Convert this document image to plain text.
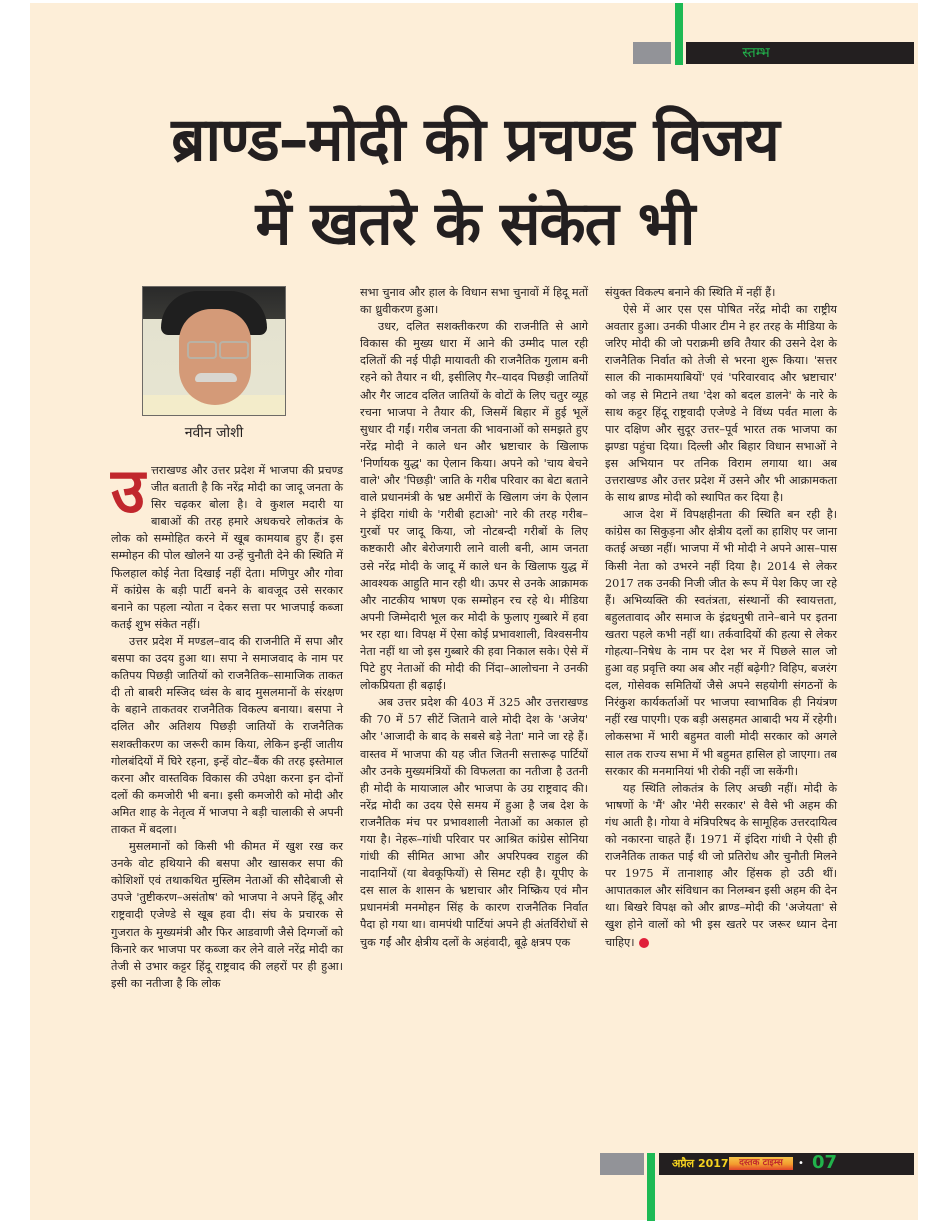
स्तम्भ
ब्राण्ड–मोदी की प्रचण्ड विजय
में खतरे के संकेत भी
नवीन जोशी

उत्तराखण्ड और उत्तर प्रदेश में भाजपा की प्रचण्ड जीत बताती है कि नरेंद्र मोदी का जादू जनता के सिर चढ़कर बोला है। वे कुशल मदारी या बाबाओं की तरह हमारे अधकचरे लोकतंत्र के लोक को सम्मोहित करने में खूब कामयाब हुए हैं। इस सम्मोहन की पोल खोलने या उन्हें चुनौती देने की स्थिति में फिलहाल कोई नेता दिखाई नहीं देता। मणिपुर और गोवा में कांग्रेस के बड़ी पार्टी बनने के बावजूद उसे सरकार बनाने का पहला न्योता न देकर सत्ता पर भाजपाई कब्जा कतई शुभ संकेत नहीं।

उत्तर प्रदेश में मण्डल–वाद की राजनीति में सपा और बसपा का उदय हुआ था। सपा ने समाजवाद के नाम पर कतिपय पिछड़ी जातियों को राजनैतिक–सामाजिक ताकत दी तो बाबरी मस्जिद ध्वंस के बाद मुसलमानों के संरक्षण के बहाने ताकतवर राजनैतिक विकल्प बनाया। बसपा ने दलित और अतिशय पिछड़ी जातियों के राजनैतिक सशक्तीकरण का जरूरी काम किया, लेकिन इन्हीं जातीय गोलबंदियों में घिरे रहना, इन्हें वोट–बैंक की तरह इस्तेमाल करना और वास्तविक विकास की उपेक्षा करना इन दोनों दलों की कमजोरी भी बना। इसी कमजोरी को मोदी और अमित शाह के नेतृत्व में भाजपा ने बड़ी चालाकी से अपनी ताकत में बदला।

मुसलमानों को किसी भी कीमत में खुश रख कर उनके वोट हथियाने की बसपा और खासकर सपा की कोशिशों एवं तथाकथित मुस्लिम नेताओं की सौदेबाजी से उपजे 'तुष्टीकरण–असंतोष' को भाजपा ने अपने हिंदू और राष्ट्रवादी एजेण्डे से खूब हवा दी। संघ के प्रचारक से गुजरात के मुख्यमंत्री और फिर आडवाणी जैसे दिग्गजों को किनारे कर भाजपा पर कब्जा कर लेने वाले नरेंद्र मोदी का तेजी से उभार कट्टर हिंदू राष्ट्रवाद की लहरों पर ही हुआ। इसी का नतीजा है कि लोक

सभा चुनाव और हाल के विधान सभा चुनावों में हिदू मतों का ध्रुवीकरण हुआ।

उधर, दलित सशक्तीकरण की राजनीति से आगे विकास की मुख्य धारा में आने की उम्मीद पाल रही दलितों की नई पीढ़ी मायावती की राजनैतिक गुलाम बनी रहने को तैयार न थी, इसीलिए गैर–यादव पिछड़ी जातियों और गैर जाटव दलित जातियों के वोटों के लिए चतुर व्यूह रचना भाजपा ने तैयार की, जिसमें बिहार में हुई भूलें सुधार दी गईं। गरीब जनता की भावनाओं को समझते हुए नरेंद्र मोदी ने काले धन और भ्रष्टाचार के खिलाफ 'निर्णायक युद्ध' का ऐलान किया। अपने को 'चाय बेचने वाले' और 'पिछड़ी' जाति के गरीब परिवार का बेटा बताने वाले प्रधानमंत्री के भ्रष्ट अमीरों के खिलाग जंग के ऐलान ने इंदिरा गांधी के 'गरीबी हटाओ' नारे की तरह गरीब–गुरबों पर जादू किया, जो नोटबन्दी गरीबों के लिए कष्टकारी और बेरोजगारी लाने वाली बनी, आम जनता उसे नरेंद्र मोदी के जादू में काले धन के खिलाफ युद्ध में आवश्यक आहुति मान रही थी। ऊपर से उनके आक्रामक और नाटकीय भाषण एक सम्मोहन रच रहे थे। मीडिया अपनी जिम्मेदारी भूल कर मोदी के फुलाए गुब्बारे में हवा भर रहा था। विपक्ष में ऐसा कोई प्रभावशाली, विश्वसनीय नेता नहीं था जो इस गुब्बारे की हवा निकाल सके। ऐसे में पिटे हुए नेताओं की मोदी की निंदा–आलोचना ने उनकी लोकप्रियता ही बढ़ाई।

अब उत्तर प्रदेश की 403 में 325 और उत्तराखण्ड की 70 में 57 सीटें जिताने वाले मोदी देश के 'अजेय' और 'आजादी के बाद के सबसे बड़े नेता' माने जा रहे हैं। वास्तव में भाजपा की यह जीत जितनी सत्तारूढ़ पार्टियों और उनके मुख्यमंत्रियों की विफलता का नतीजा है उतनी ही मोदी के मायाजाल और भाजपा के उग्र राष्ट्रवाद की। नरेंद्र मोदी का उदय ऐसे समय में हुआ है जब देश के राजनैतिक मंच पर प्रभावशाली नेताओं का अकाल हो गया है। नेहरू–गांधी परिवार पर आश्रित कांग्रेस सोनिया गांधी की सीमित आभा और अपरिपक्व राहुल की नादानियों (या बेवकूफियों) से सिमट रही है। यूपीए के दस साल के शासन के भ्रष्टाचार और निष्क्रिय एवं मौन प्रधानमंत्री मनमोहन सिंह के कारण राजनैतिक निर्वात पैदा हो गया था। वामपंथी पार्टियां अपने ही अंतर्विरोधों से चुक गईं और क्षेत्रीय दलों के अहंवादी, बूढ़े क्षत्रप एक

संयुक्त विकल्प बनाने की स्थिति में नहीं हैं।

ऐसे में आर एस एस पोषित नरेंद्र मोदी का राष्ट्रीय अवतार हुआ। उनकी पीआर टीम ने हर तरह के मीडिया के जरिए मोदी की जो पराक्रमी छवि तैयार की उसने देश के राजनैतिक निर्वात को तेजी से भरना शुरू किया। 'सत्तर साल की नाकामयाबियों' एवं 'परिवारवाद और भ्रष्टाचार' को जड़ से मिटाने तथा 'देश को बदल डालने' के नारे के साथ कट्टर हिंदू राष्ट्रवादी एजेण्डे ने विंध्य पर्वत माला के पार दक्षिण और सुदूर उत्तर–पूर्व भारत तक भाजपा का झण्डा पहुंचा दिया। दिल्ली और बिहार विधान सभाओं ने इस अभियान पर तनिक विराम लगाया था। अब उत्तराखण्ड और उत्तर प्रदेश में उसने और भी आक्रामकता के साथ ब्राण्ड मोदी को स्थापित कर दिया है।

आज देश में विपक्षहीनता की स्थिति बन रही है। कांग्रेस का सिकुड़ना और क्षेत्रीय दलों का हाशिए पर जाना कतई अच्छा नहीं। भाजपा में भी मोदी ने अपने आस–पास किसी नेता को उभरने नहीं दिया है। 2014 से लेकर 2017 तक उनकी निजी जीत के रूप में पेश किए जा रहे हैं। अभिव्यक्ति की स्वतंत्रता, संस्थानों की स्वायत्तता, बहुलतावाद और समाज के इंद्रधनुषी ताने–बाने पर इतना खतरा पहले कभी नहीं था। तर्कवादियों की हत्या से लेकर गोहत्या–निषेध के नाम पर देश भर में पिछले साल जो हुआ वह प्रवृत्ति क्या अब और नहीं बढ़ेगी? विहिप, बजरंग दल, गोसेवक समितियों जैसे अपने सहयोगी संगठनों के निरंकुश कार्यकर्ताओं पर भाजपा स्वाभाविक ही नियंत्रण नहीं रख पाएगी। एक बड़ी असहमत आबादी भय में रहेगी। लोकसभा में भारी बहुमत वाली मोदी सरकार को अगले साल तक राज्य सभा में भी बहुमत हासिल हो जाएगा। तब सरकार की मनमानियां भी रोकी नहीं जा सकेंगी।

यह स्थिति लोकतंत्र के लिए अच्छी नहीं। मोदी के भाषणों के 'मैं' और 'मेरी सरकार' से वैसे भी अहम की गंध आती है। गोया वे मंत्रिपरिषद के सामूहिक उत्तरदायित्व को नकारना चाहते हैं। 1971 में इंदिरा गांधी ने ऐसी ही राजनैतिक ताकत पाई थी जो प्रतिरोध और चुनौती मिलने पर 1975 में तानाशाह और हिंसक हो उठी थीं। आपातकाल और संविधान का निलम्बन इसी अहम की देन था। बिखरे विपक्ष को और ब्राण्ड–मोदी की 'अजेयता' से खुश होने वालों को भी इस खतरे पर जरूर ध्यान देना चाहिए।

अप्रैल 2017	दस्तक टाइम्स	• 07
